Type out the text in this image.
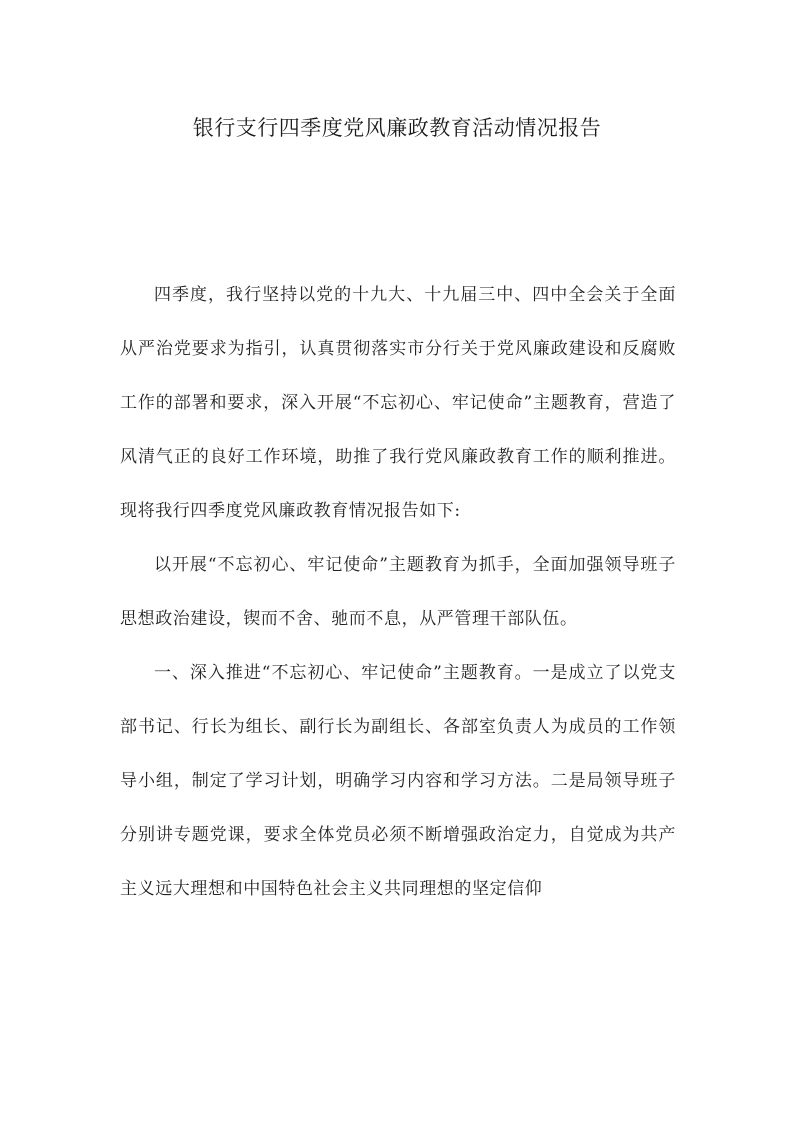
银行支行四季度党风廉政教育活动情况报告

四季度，我行坚持以党的十九大、十九届三中、四中全会关于全面从严治党要求为指引，认真贯彻落实市分行关于党风廉政建设和反腐败工作的部署和要求，深入开展“不忘初心、牢记使命”主题教育，营造了风清气正的良好工作环境，助推了我行党风廉政教育工作的顺利推进。现将我行四季度党风廉政教育情况报告如下:

以开展“不忘初心、牢记使命”主题教育为抓手，全面加强领导班子思想政治建设，锲而不舍、驰而不息，从严管理干部队伍。

一、深入推进“不忘初心、牢记使命”主题教育。一是成立了以党支部书记、行长为组长、副行长为副组长、各部室负责人为成员的工作领导小组，制定了学习计划，明确学习内容和学习方法。二是局领导班子分别讲专题党课，要求全体党员必须不断增强政治定力，自觉成为共产主义远大理想和中国特色社会主义共同理想的坚定信仰
